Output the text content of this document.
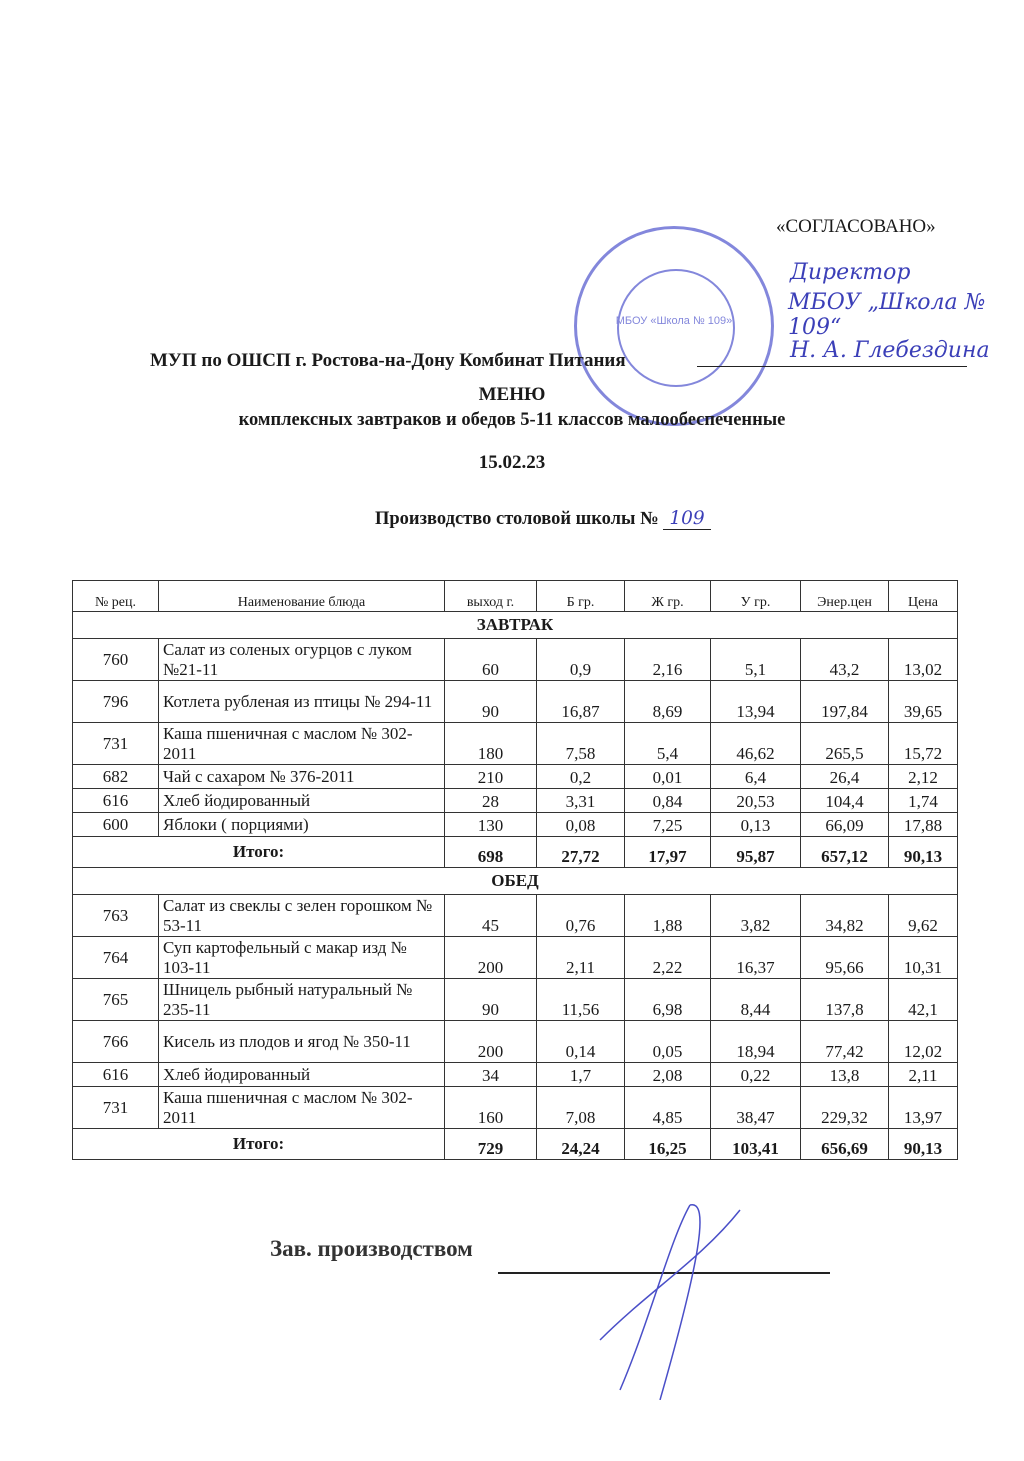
«СОГЛАСОВАНО»
МБОУ «Школа № 109»
Директор
МБОУ „Школа № 109“
Н. А. Глебездина
МУП по ОШСП г. Ростова-на-Дону Комбинат Питания
МЕНЮ
комплексных завтраков и обедов 5-11 классов малообеспеченные
15.02.23
Производство столовой школы № 109
№ рец.	Наименование блюда	выход г.	Б гр.	Ж гр.	У гр.	Энер.цен	Цена
ЗАВТРАК							
760	Салат из соленых огурцов с луком №21-11	60	0,9	2,16	5,1	43,2	13,02
796	Котлета рубленая из птицы № 294-11	90	16,87	8,69	13,94	197,84	39,65
731	Каша пшеничная с маслом № 302-2011	180	7,58	5,4	46,62	265,5	15,72
682	Чай с сахаром № 376-2011	210	0,2	0,01	6,4	26,4	2,12
616	Хлеб йодированный	28	3,31	0,84	20,53	104,4	1,74
600	Яблоки ( порциями)	130	0,08	7,25	0,13	66,09	17,88
Итого:		698	27,72	17,97	95,87	657,12	90,13
ОБЕД							
763	Салат из свеклы с зелен горошком № 53-11	45	0,76	1,88	3,82	34,82	9,62
764	Суп картофельный с макар изд № 103-11	200	2,11	2,22	16,37	95,66	10,31
765	Шницель рыбный натуральный № 235-11	90	11,56	6,98	8,44	137,8	42,1
766	Кисель из плодов и ягод № 350-11	200	0,14	0,05	18,94	77,42	12,02
616	Хлеб йодированный	34	1,7	2,08	0,22	13,8	2,11
731	Каша пшеничная с маслом № 302-2011	160	7,08	4,85	38,47	229,32	13,97
Итого:		729	24,24	16,25	103,41	656,69	90,13
Зав. производством
